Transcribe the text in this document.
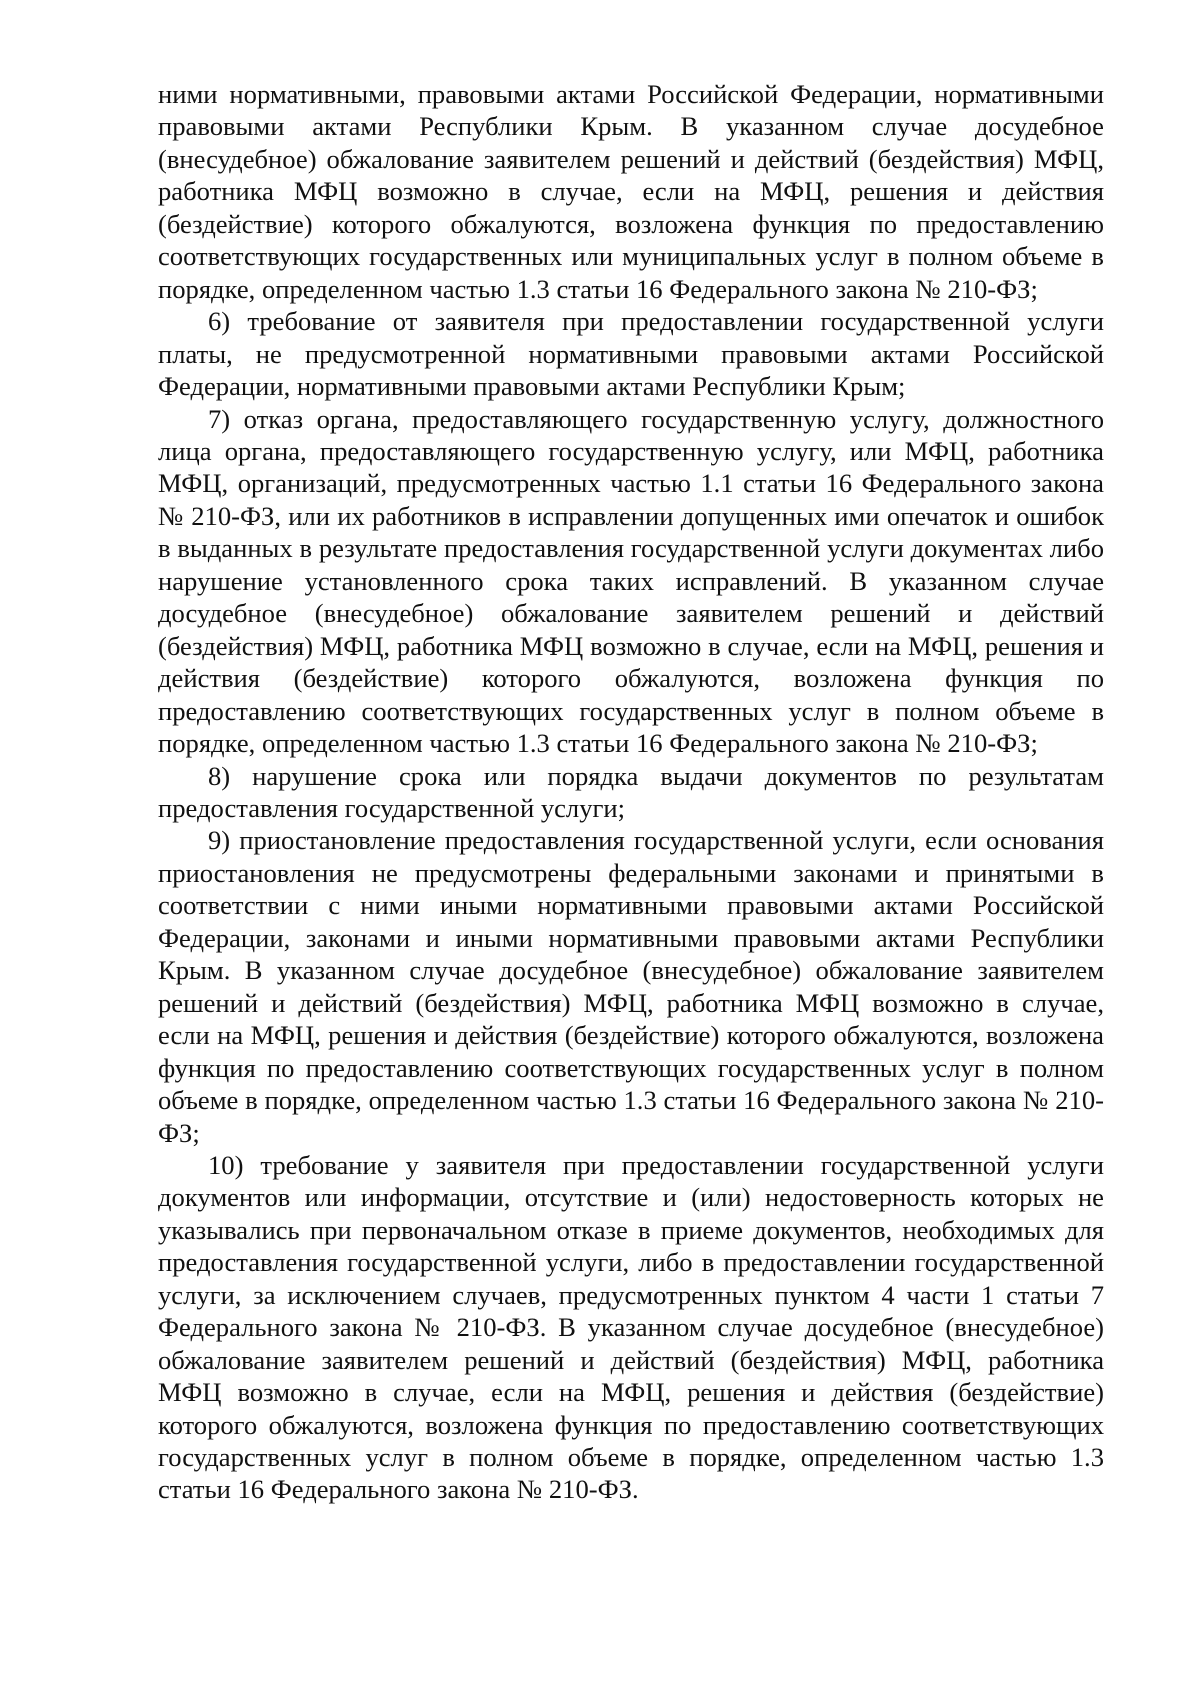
ними нормативными, правовыми актами Российской Федерации, нормативными правовыми актами Республики Крым. В указанном случае досудебное (внесудебное) обжалование заявителем решений и действий (бездействия) МФЦ, работника МФЦ возможно в случае, если на МФЦ, решения и действия (бездействие) которого обжалуются, возложена функция по предоставлению соответствующих государственных или муниципальных услуг в полном объеме в порядке, определенном частью 1.3 статьи 16 Федерального закона № 210-ФЗ;

6) требование от заявителя при предоставлении государственной услуги платы, не предусмотренной нормативными правовыми актами Российской Федерации, нормативными правовыми актами Республики Крым;

7) отказ органа, предоставляющего государственную услугу, должностного лица органа, предоставляющего государственную услугу, или МФЦ, работника МФЦ, организаций, предусмотренных частью 1.1 статьи 16 Федерального закона № 210-ФЗ, или их работников в исправлении допущенных ими опечаток и ошибок в выданных в результате предоставления государственной услуги документах либо нарушение установленного срока таких исправлений. В указанном случае досудебное (внесудебное) обжалование заявителем решений и действий (бездействия) МФЦ, работника МФЦ возможно в случае, если на МФЦ, решения и действия (бездействие) которого обжалуются, возложена функция по предоставлению соответствующих государственных услуг в полном объеме в порядке, определенном частью 1.3 статьи 16 Федерального закона № 210-ФЗ;

8) нарушение срока или порядка выдачи документов по результатам предоставления государственной услуги;

9) приостановление предоставления государственной услуги, если основания приостановления не предусмотрены федеральными законами и принятыми в соответствии с ними иными нормативными правовыми актами Российской Федерации, законами и иными нормативными правовыми актами Республики Крым. В указанном случае досудебное (внесудебное) обжалование заявителем решений и действий (бездействия) МФЦ, работника МФЦ возможно в случае, если на МФЦ, решения и действия (бездействие) которого обжалуются, возложена функция по предоставлению соответствующих государственных услуг в полном объеме в порядке, определенном частью 1.3 статьи 16 Федерального закона № 210-ФЗ;

10) требование у заявителя при предоставлении государственной услуги документов или информации, отсутствие и (или) недостоверность которых не указывались при первоначальном отказе в приеме документов, необходимых для предоставления государственной услуги, либо в предоставлении государственной услуги, за исключением случаев, предусмотренных пунктом 4 части 1 статьи 7 Федерального закона № 210-ФЗ. В указанном случае досудебное (внесудебное) обжалование заявителем решений и действий (бездействия) МФЦ, работника МФЦ возможно в случае, если на МФЦ, решения и действия (бездействие) которого обжалуются, возложена функция по предоставлению соответствующих государственных услуг в полном объеме в порядке, определенном частью 1.3 статьи 16 Федерального закона № 210-ФЗ.
